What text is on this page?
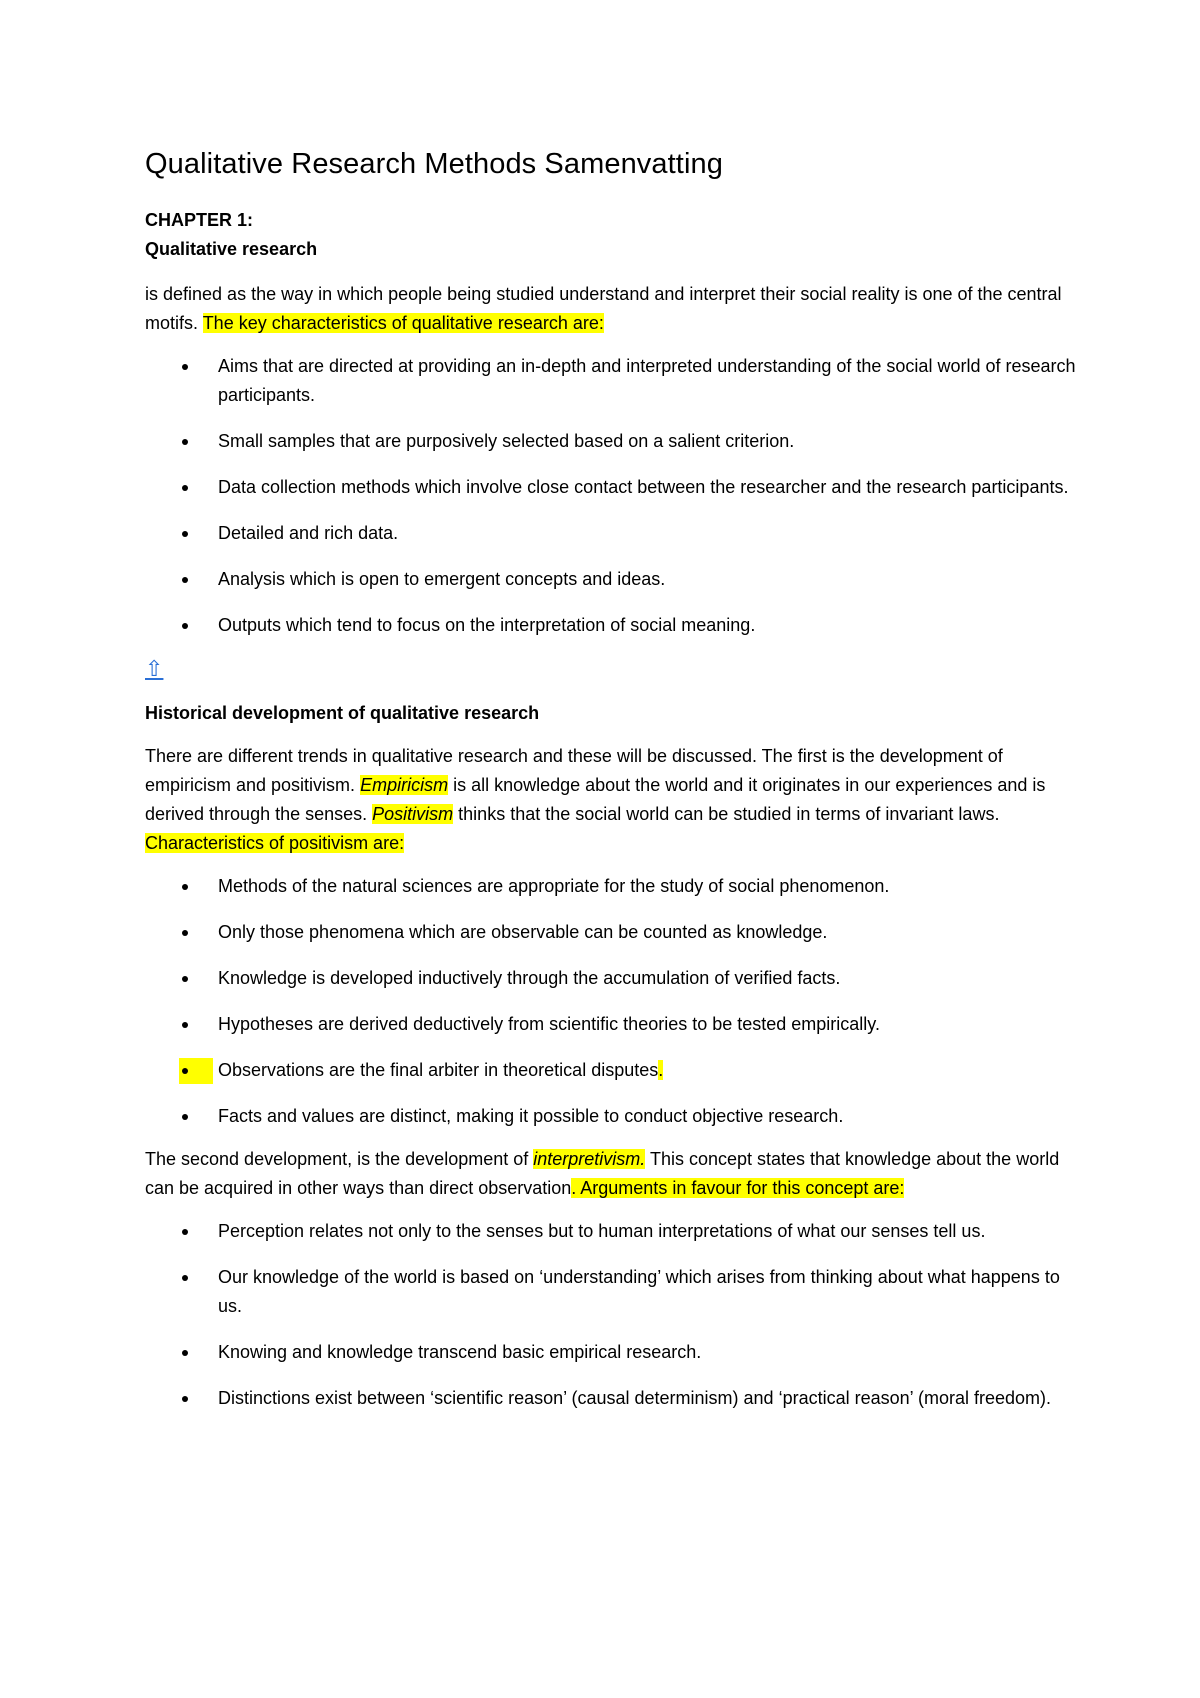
Qualitative Research Methods Samenvatting

CHAPTER 1:

Qualitative research

is defined as the way in which people being studied understand and interpret their social reality is one of the central motifs. The key characteristics of qualitative research are:

Aims that are directed at providing an in-depth and interpreted understanding of the social world of research participants.
Small samples that are purposively selected based on a salient criterion.
Data collection methods which involve close contact between the researcher and the research participants.
Detailed and rich data.
Analysis which is open to emergent concepts and ideas.
Outputs which tend to focus on the interpretation of social meaning.
⇧

Historical development of qualitative research

There are different trends in qualitative research and these will be discussed. The first is the development of empiricism and positivism. Empiricism is all knowledge about the world and it originates in our experiences and is derived through the senses. Positivism thinks that the social world can be studied in terms of invariant laws. Characteristics of positivism are:

Methods of the natural sciences are appropriate for the study of social phenomenon.
Only those phenomena which are observable can be counted as knowledge.
Knowledge is developed inductively through the accumulation of verified facts.
Hypotheses are derived deductively from scientific theories to be tested empirically.
Observations are the final arbiter in theoretical disputes.
Facts and values are distinct, making it possible to conduct objective research.

The second development, is the development of interpretivism. This concept states that knowledge about the world can be acquired in other ways than direct observation. Arguments in favour for this concept are:

Perception relates not only to the senses but to human interpretations of what our senses tell us.
Our knowledge of the world is based on ‘understanding’ which arises from thinking about what happens to us.
Knowing and knowledge transcend basic empirical research.
Distinctions exist between ‘scientific reason’ (causal determinism) and ‘practical reason’ (moral freedom).
